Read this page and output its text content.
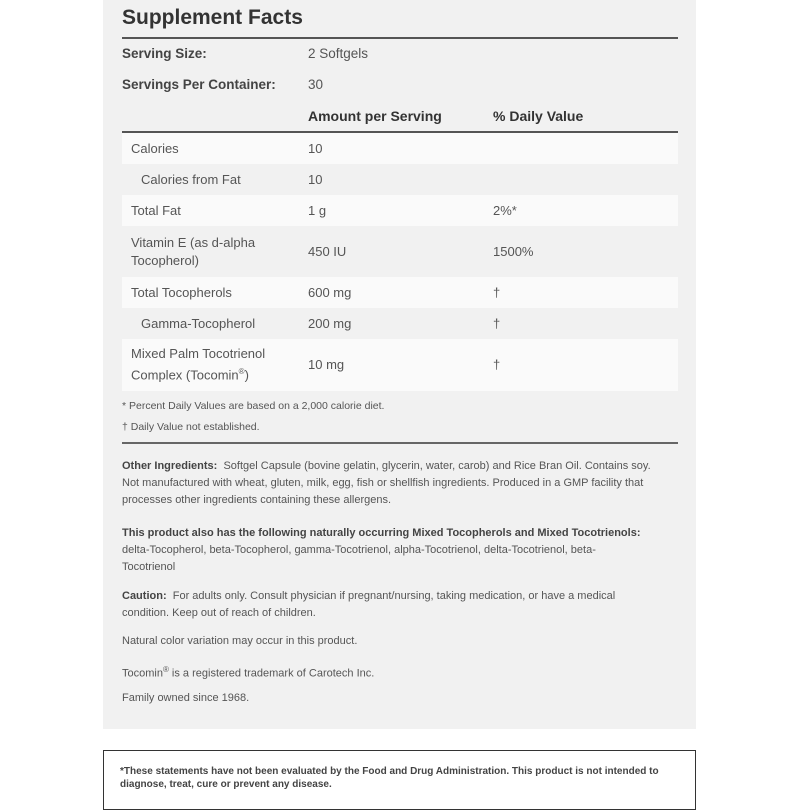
Supplement Facts
Serving Size:	2 Softgels
Servings Per Container: 30
Amount per Serving	% Daily Value
Calories	10
Calories from Fat	10
Total Fat	1 g	2%*
Vitamin E (as d-alpha
Tocopherol)
450 IU	1500%
Total Tocopherols	600 mg	†
Gamma-Tocopherol	200 mg	†
Mixed Palm Tocotrienol
Complex (Tocomin®)
10 mg	†
* Percent Daily Values are based on a 2,000 calorie diet.
† Daily Value not established.
Other Ingredients: Softgel Capsule (bovine gelatin, glycerin, water, carob) and Rice Bran Oil. Contains soy.
Not manufactured with wheat, gluten, milk, egg, fish or shellfish ingredients. Produced in a GMP facility that
processes other ingredients containing these allergens.
This product also has the following naturally occurring Mixed Tocopherols and Mixed Tocotrienols:
delta-Tocopherol, beta-Tocopherol, gamma-Tocotrienol, alpha-Tocotrienol, delta-Tocotrienol, beta-
Tocotrienol
Caution: For adults only. Consult physician if pregnant/nursing, taking medication, or have a medical
condition. Keep out of reach of children.
Natural color variation may occur in this product.
Tocomin® is a registered trademark of Carotech Inc.
Family owned since 1968.
*These statements have not been evaluated by the Food and Drug Administration. This product is not intended to
diagnose, treat, cure or prevent any disease.
